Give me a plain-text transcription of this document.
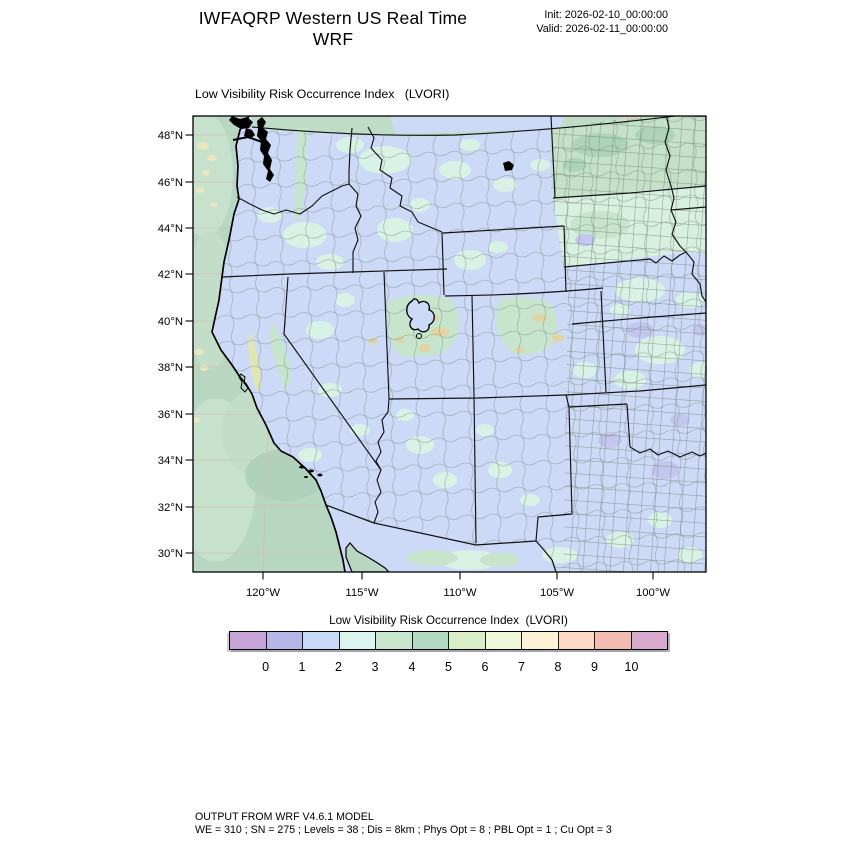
IWFAQRP Western US Real Time WRF
Init: 2026-02-10_00:00:00
Valid: 2026-02-11_00:00:00
Low Visibility Risk Occurrence Index   (LVORI)
48°N
46°N
44°N
42°N
40°N
38°N
36°N
34°N
32°N
30°N
120°W	115°W	110°W	105°W	100°W
Low Visibility Risk Occurrence Index  (LVORI)
0 1 2 3 4 5 6 7 8 9 10
OUTPUT FROM WRF V4.6.1 MODEL
WE = 310 ; SN = 275 ; Levels = 38 ; Dis = 8km ; Phys Opt = 8 ; PBL Opt = 1 ; Cu Opt = 3
